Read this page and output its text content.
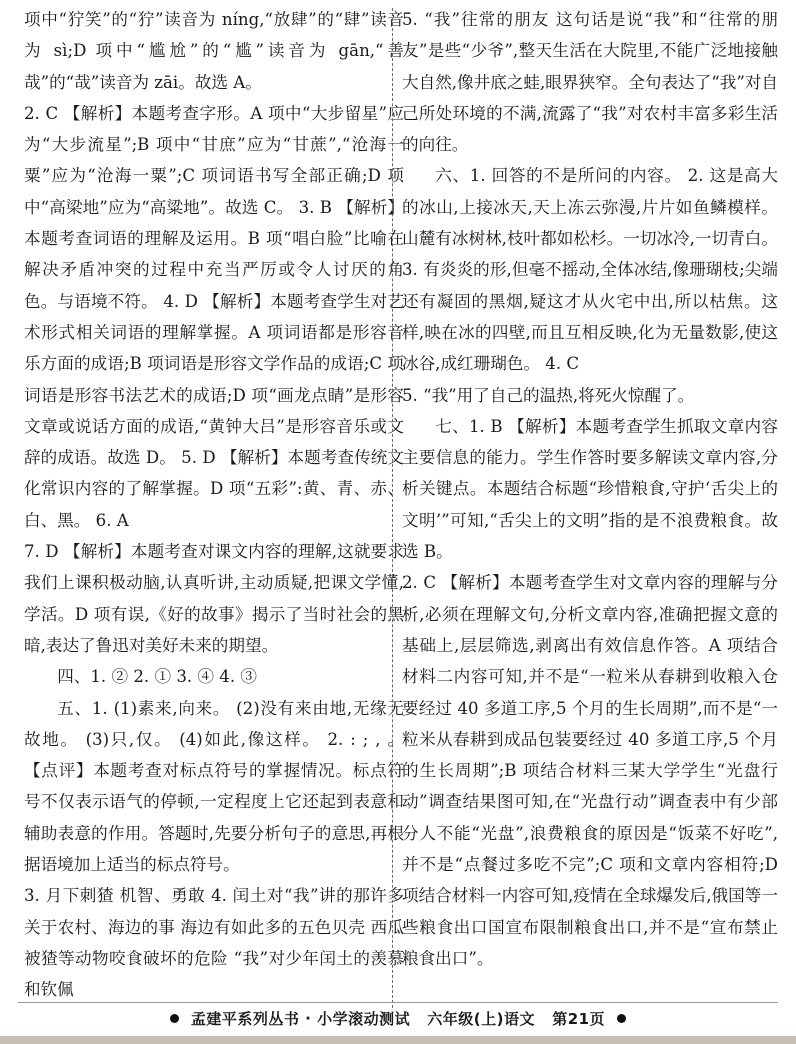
项中“狞笑”的“狞”读音为 níng,“放肆”的“肆”读音为 sì;D 项中“尴尬”的“尴”读音为 gān,“善哉”的“哉”读音为 zāi。故选 A。

2. C 【解析】本题考查字形。A 项中“大步留星”应为“大步流星”;B 项中“甘庶”应为“甘蔗”,“沧海一粟”应为“沧海一粟”;C 项词语书写全部正确;D 项中“高梁地”应为“高粱地”。故选 C。 3. B 【解析】本题考查词语的理解及运用。B 项“唱白脸”比喻在解决矛盾冲突的过程中充当严厉或令人讨厌的角色。与语境不符。 4. D 【解析】本题考查学生对艺术形式相关词语的理解掌握。A 项词语都是形容音乐方面的成语;B 项词语是形容文学作品的成语;C 项词语是形容书法艺术的成语;D 项“画龙点睛”是形容文章或说话方面的成语,“黄钟大吕”是形容音乐或文辞的成语。故选 D。 5. D 【解析】本题考查传统文化常识内容的了解掌握。D 项“五彩”:黄、青、赤、白、黑。 6. A

7. D 【解析】本题考查对课文内容的理解,这就要求我们上课积极动脑,认真听讲,主动质疑,把课文学懂,学活。D 项有误,《好的故事》揭示了当时社会的黑暗,表达了鲁迅对美好未来的期望。

四、1. ② 2. ① 3. ④ 4. ③

五、1. (1)素来,向来。 (2)没有来由地,无缘无故地。 (3)只,仅。 (4)如此,像这样。 2. : ; , 。 【点评】本题考查对标点符号的掌握情况。标点符号不仅表示语气的停顿,一定程度上它还起到表意和辅助表意的作用。答题时,先要分析句子的意思,再根据语境加上适当的标点符号。

3. 月下刺猹 机智、勇敢 4. 闰土对“我”讲的那许多关于农村、海边的事 海边有如此多的五色贝壳 西瓜被猹等动物咬食破坏的危险 “我”对少年闰土的羡慕和钦佩

5. “我”往常的朋友 这句话是说“我”和“往常的朋友”是些“少爷”,整天生活在大院里,不能广泛地接触大自然,像井底之蛙,眼界狭窄。全句表达了“我”对自己所处环境的不满,流露了“我”对农村丰富多彩生活的向往。

六、1. 回答的不是所问的内容。 2. 这是高大的冰山,上接冰天,天上冻云弥漫,片片如鱼鳞模样。山麓有冰树林,枝叶都如松杉。一切冰冷,一切青白。 3. 有炎炎的形,但毫不摇动,全体冰结,像珊瑚枝;尖端还有凝固的黑烟,疑这才从火宅中出,所以枯焦。这样,映在冰的四壁,而且互相反映,化为无量数影,使这冰谷,成红珊瑚色。 4. C

5. “我”用了自己的温热,将死火惊醒了。

七、1. B 【解析】本题考查学生抓取文章内容主要信息的能力。学生作答时要多解读文章内容,分析关键点。本题结合标题“珍惜粮食,守护‘舌尖上的文明’”可知,“舌尖上的文明”指的是不浪费粮食。故选 B。

2. C 【解析】本题考查学生对文章内容的理解与分析,必须在理解文句,分析文章内容,准确把握文意的基础上,层层筛选,剥离出有效信息作答。A 项结合材料二内容可知,并不是“一粒米从春耕到收粮入仓要经过 40 多道工序,5 个月的生长周期”,而不是“一粒米从春耕到成品包装要经过 40 多道工序,5 个月的生长周期”;B 项结合材料三某大学学生“光盘行动”调查结果图可知,在“光盘行动”调查表中有少部分人不能“光盘”,浪费粮食的原因是“饭菜不好吃”,并不是“点餐过多吃不完”;C 项和文章内容相符;D 项结合材料一内容可知,疫情在全球爆发后,俄国等一些粮食出口国宣布限制粮食出口,并不是“宣布禁止粮食出口”。

孟建平系列丛书 · 小学滚动测试 六年级(上)语文 第21页
